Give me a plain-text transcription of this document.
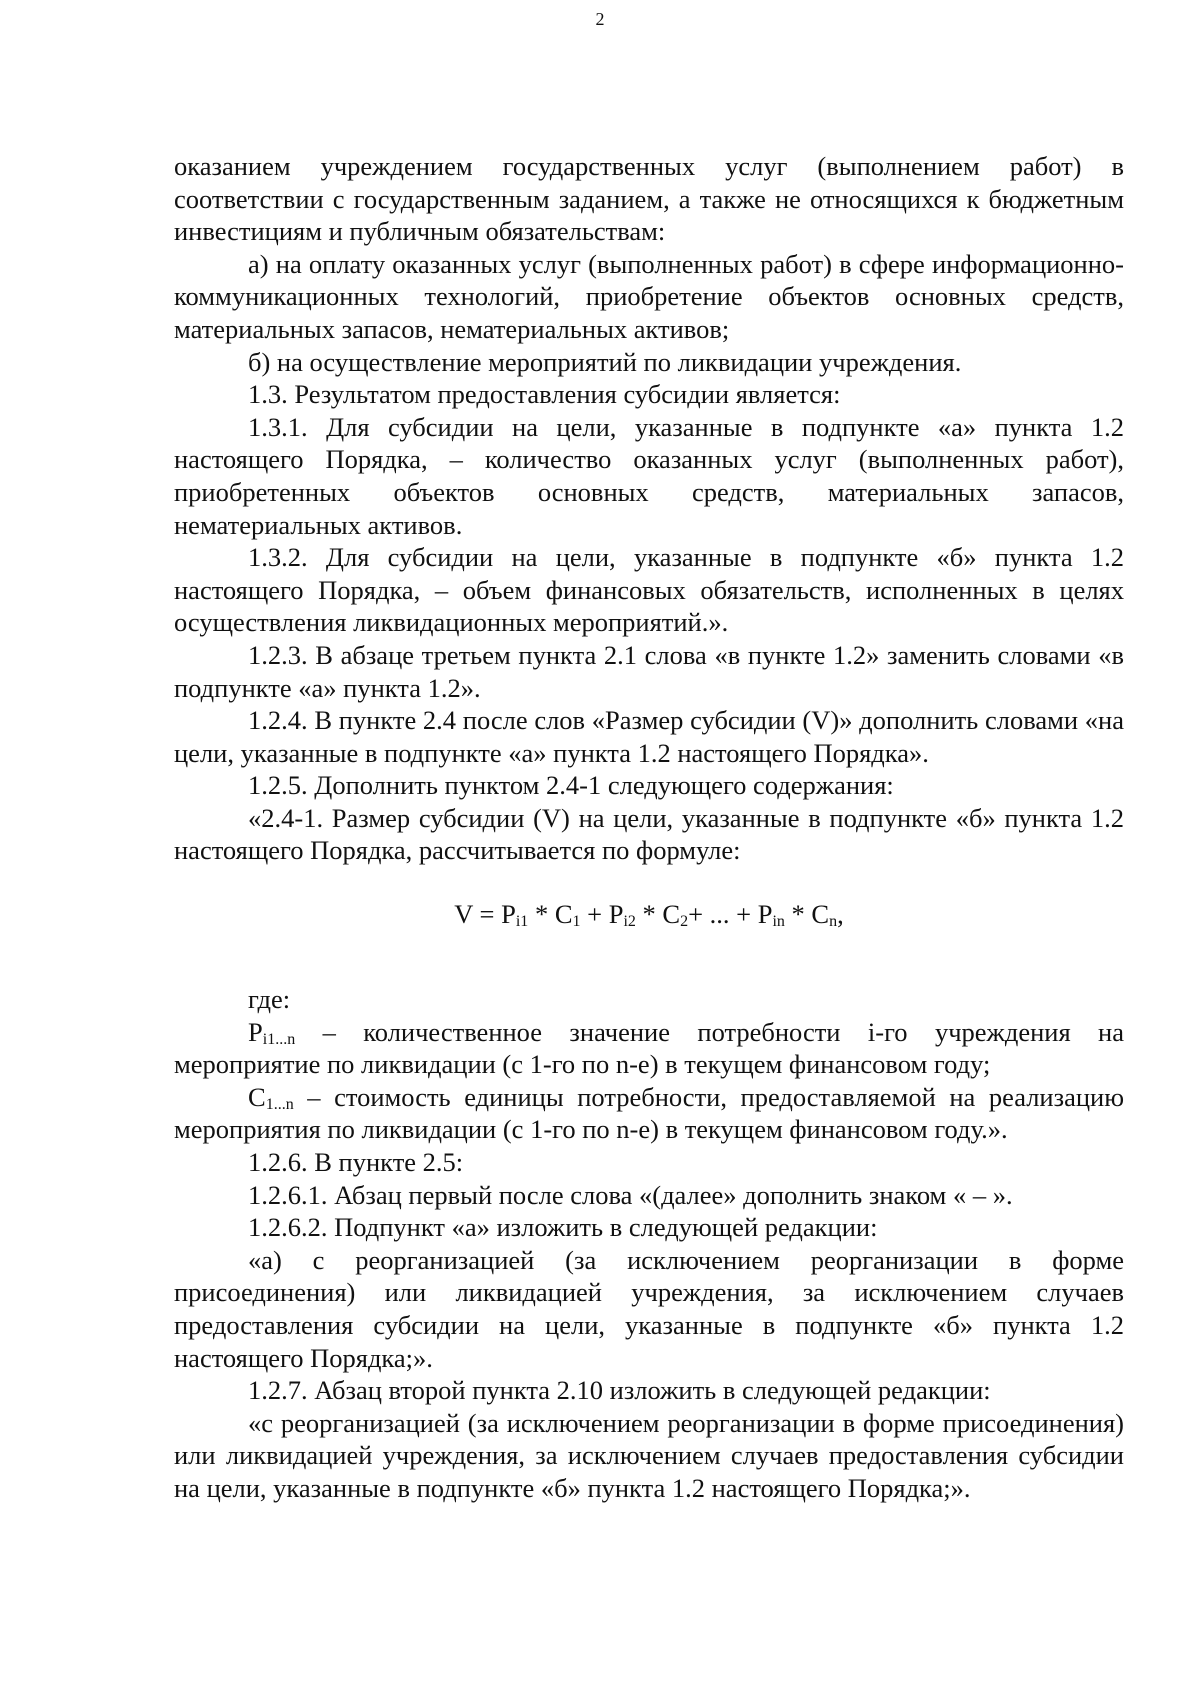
2

оказанием учреждением государственных услуг (выполнением работ) в соответствии с государственным заданием, а также не относящихся к бюджетным инвестициям и публичным обязательствам:

а) на оплату оказанных услуг (выполненных работ) в сфере информационно-коммуникационных технологий, приобретение объектов основных средств, материальных запасов, нематериальных активов;

б) на осуществление мероприятий по ликвидации учреждения.

1.3. Результатом предоставления субсидии является:

1.3.1. Для субсидии на цели, указанные в подпункте «а» пункта 1.2 настоящего Порядка, – количество оказанных услуг (выполненных работ), приобретенных объектов основных средств, материальных запасов, нематериальных активов.

1.3.2. Для субсидии на цели, указанные в подпункте «б» пункта 1.2 настоящего Порядка, – объем финансовых обязательств, исполненных в целях осуществления ликвидационных мероприятий.».

1.2.3. В абзаце третьем пункта 2.1 слова «в пункте 1.2» заменить словами «в подпункте «а» пункта 1.2».

1.2.4. В пункте 2.4 после слов «Размер субсидии (V)» дополнить словами «на цели, указанные в подпункте «а» пункта 1.2 настоящего Порядка».

1.2.5. Дополнить пунктом 2.4-1 следующего содержания:

«2.4-1. Размер субсидии (V) на цели, указанные в подпункте «б» пункта 1.2 настоящего Порядка, рассчитывается по формуле:

$V = P_{i1} * C_1 + P_{i2} * C_2+$ ... + $P_{in} * C_n$,

где:

$P_{i1...n}$ – количественное значение потребности i-го учреждения на мероприятие по ликвидации (с 1-го по n-е) в текущем финансовом году;

$C_{1...n}$ – стоимость единицы потребности, предоставляемой на реализацию мероприятия по ликвидации (с 1-го по n-е) в текущем финансовом году.».

1.2.6. В пункте 2.5:

1.2.6.1. Абзац первый после слова «(далее» дополнить знаком « – ».

1.2.6.2. Подпункт «а» изложить в следующей редакции:

«а) с реорганизацией (за исключением реорганизации в форме присоединения) или ликвидацией учреждения, за исключением случаев предоставления субсидии на цели, указанные в подпункте «б» пункта 1.2 настоящего Порядка;».

1.2.7. Абзац второй пункта 2.10 изложить в следующей редакции:

«с реорганизацией (за исключением реорганизации в форме присоединения) или ликвидацией учреждения, за исключением случаев предоставления субсидии на цели, указанные в подпункте «б» пункта 1.2 настоящего Порядка;».
